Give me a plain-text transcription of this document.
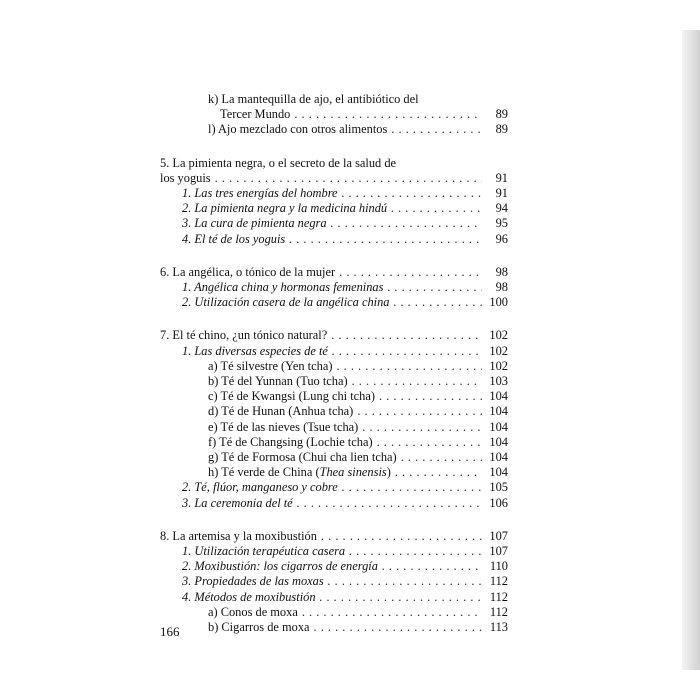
k) La mantequilla de ajo, el antibiótico del
Tercer Mundo . . .	89
l) Ajo mezclado con otros alimentos . . .	89
5. La pimienta negra, o el secreto de la salud de
los yoguis . . .	91
1. Las tres energías del hombre . . .	91
2. La pimienta negra y la medicina hindú . . .	94
3. La cura de pimienta negra . . .	95
4. El té de los yoguis . . .	96
6. La angélica, o tónico de la mujer . . .	98
1. Angélica china y hormonas femeninas . . .	98
2. Utilización casera de la angélica china . . .	100
7. El té chino, ¿un tónico natural? . . .	102
1. Las diversas especies de té . . .	102
a) Té silvestre (Yen tcha) . . .	102
b) Té del Yunnan (Tuo tcha) . . .	103
c) Té de Kwangsi (Lung chi tcha) . . .	104
d) Té de Hunan (Anhua tcha) . . .	104
e) Té de las nieves (Tsue tcha) . . .	104
f) Té de Changsing (Lochie tcha) . . .	104
g) Té de Formosa (Chui cha lien tcha) . . .	104
h) Té verde de China (Thea sinensis) . . .	104
2. Té, flúor, manganeso y cobre . . .	105
3. La ceremonia del té . . .	106
8. La artemisa y la moxibustión . . .	107
1. Utilización terapéutica casera . . .	107
2. Moxibustión: los cigarros de energía . . .	110
3. Propiedades de las moxas . . .	112
4. Métodos de moxibustión . . .	112
a) Conos de moxa . . .	112
b) Cigarros de moxa . . .	113
166
